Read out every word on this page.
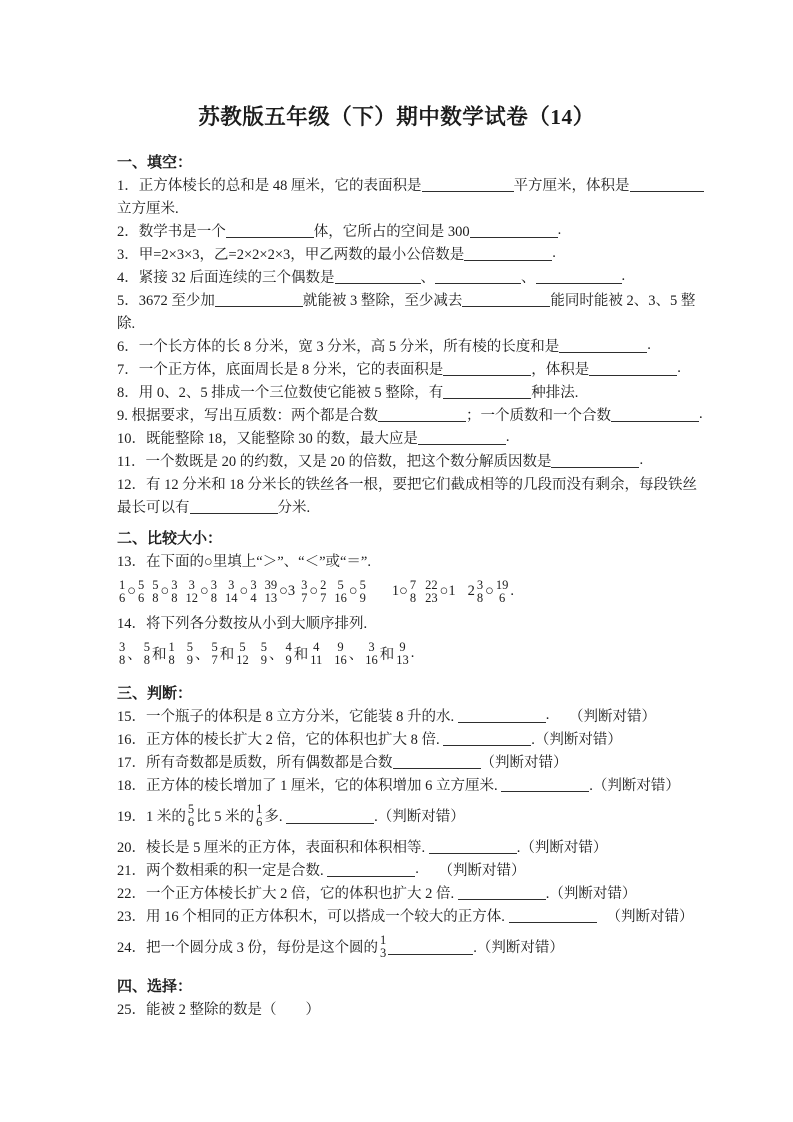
苏教版五年级（下）期中数学试卷（14）
一、填空：
1．正方体棱长的总和是 48 厘米，它的表面积是	平方厘米，体积是
立方厘米.
2．数学书是一个	体，它所占的空间是 300	.
3．甲=2×3×3，乙=2×2×2×3，甲乙两数的最小公倍数是	.
4．紧接 32 后面连续的三个偶数是	、	、	.
5．3672 至少加	就能被 3 整除，至少减去	能同时能被 2、3、5 整
除.
6．一个长方体的长 8 分米，宽 3 分米，高 5 分米，所有棱的长度和是	.
7．一个正方体，底面周长是 8 分米，它的表面积是	，体积是	.
8．用 0、2、5 排成一个三位数使它能被 5 整除，有	种排法.
9. 根据要求，写出互质数：两个都是合数	；一个质数和一个合数	.
10．既能整除 18，又能整除 30 的数，最大应是	.
11．一个数既是 20 的约数，又是 20 的倍数，把这个数分解质因数是	.
12．有 12 分米和 18 分米长的铁丝各一根，要把它们截成相等的几段而没有剩余，每段铁丝
最长可以有	分米.
二、比较大小：
13．在下面的○里填上“＞”、“＜”或“＝”.
1
6 ○ 5
6
5
8 ○ 3
8
3
12 ○ 3
8
3
14 ○ 3
4
39
13 ○3 3
7 ○ 2
7
5
16 ○ 5
9 1○ 7
8
22
23 ○1 2 3
8 ○ 19
6 .
14．将下列各分数按从小到大顺序排列.
3
8 、
5
8 和
1
8
5
9 、
5
7 和
5
12
5
9 、
4
9 和
4
11
9
16 、
3
16 和
9
13 .
三、判断：
15．一个瓶子的体积是 8 立方分米，它能装 8 升的水.	. （判断对错）
16．正方体的棱长扩大 2 倍，它的体积也扩大 8 倍.	.（判断对错）
17．所有奇数都是质数，所有偶数都是合数	（判断对错）
18．正方体的棱长增加了 1 厘米，它的体积增加 6 立方厘米.	.（判断对错）
19．1 米的
5
6 比 5 米的
1
6 多.	.（判断对错）
20．棱长是 5 厘米的正方体，表面积和体积相等.	.（判断对错）
21．两个数相乘的积一定是合数.	. （判断对错）
22．一个正方体棱长扩大 2 倍，它的体积也扩大 2 倍.	.（判断对错）
23．用 16 个相同的正方体积木，可以搭成一个较大的正方体.	（判断对错）
24．把一个圆分成 3 份，每份是这个圆的
1
3	.（判断对错）
四、选择：
25．能被 2 整除的数是（　　）
